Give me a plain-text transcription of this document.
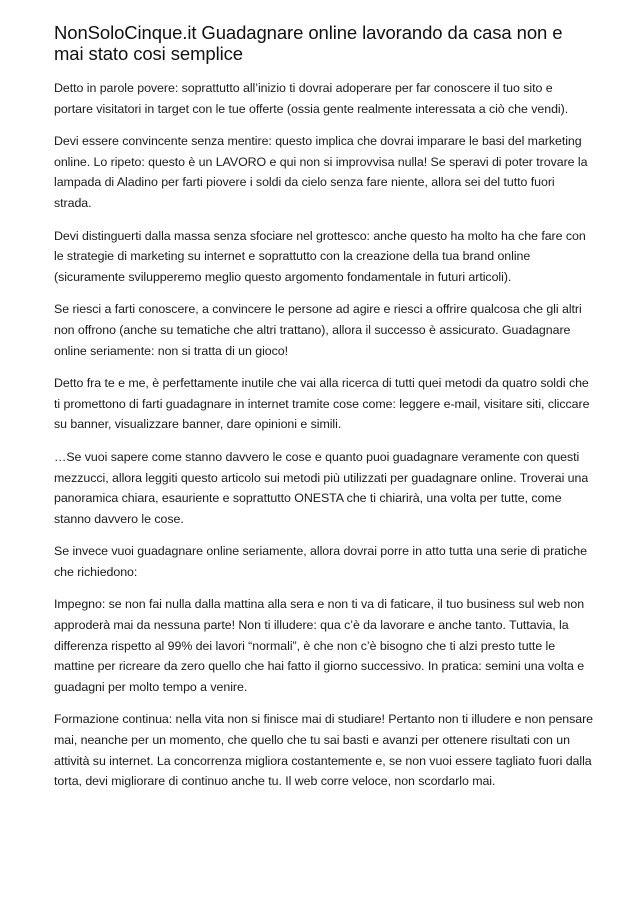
NonSoloCinque.it Guadagnare online lavorando da casa non e mai stato cosi semplice

Detto in parole povere: soprattutto all’inizio ti dovrai adoperare per far conoscere il tuo sito e portare visitatori in target con le tue offerte (ossia gente realmente interessata a ciò che vendi).

Devi essere convincente senza mentire: questo implica che dovrai imparare le basi del marketing online. Lo ripeto: questo è un LAVORO e qui non si improvvisa nulla! Se speravi di poter trovare la lampada di Aladino per farti piovere i soldi da cielo senza fare niente, allora sei del tutto fuori strada.

Devi distinguerti dalla massa senza sfociare nel grottesco: anche questo ha molto ha che fare con le strategie di marketing su internet e soprattutto con la creazione della tua brand online (sicuramente svilupperemo meglio questo argomento fondamentale in futuri articoli).

Se riesci a farti conoscere, a convincere le persone ad agire e riesci a offrire qualcosa che gli altri non offrono (anche su tematiche che altri trattano), allora il successo è assicurato. Guadagnare online seriamente: non si tratta di un gioco!

Detto fra te e me, è perfettamente inutile che vai alla ricerca di tutti quei metodi da quatro soldi che ti promettono di farti guadagnare in internet tramite cose come: leggere e-mail, visitare siti, cliccare su banner, visualizzare banner, dare opinioni e simili.

…Se vuoi sapere come stanno davvero le cose e quanto puoi guadagnare veramente con questi mezzucci, allora leggiti questo articolo sui metodi più utilizzati per guadagnare online. Troverai una panoramica chiara, esauriente e soprattutto ONESTA che ti chiarirà, una volta per tutte, come stanno davvero le cose.

Se invece vuoi guadagnare online seriamente, allora dovrai porre in atto tutta una serie di pratiche che richiedono:

Impegno: se non fai nulla dalla mattina alla sera e non ti va di faticare, il tuo business sul web non approderà mai da nessuna parte! Non ti illudere: qua c’è da lavorare e anche tanto. Tuttavia, la differenza rispetto al 99% dei lavori “normali”, è che non c’è bisogno che ti alzi presto tutte le mattine per ricreare da zero quello che hai fatto il giorno successivo. In pratica: semini una volta e guadagni per molto tempo a venire.

Formazione continua: nella vita non si finisce mai di studiare! Pertanto non ti illudere e non pensare mai, neanche per un momento, che quello che tu sai basti e avanzi per ottenere risultati con un attività su internet. La concorrenza migliora costantemente e, se non vuoi essere tagliato fuori dalla torta, devi migliorare di continuo anche tu. Il web corre veloce, non scordarlo mai.
